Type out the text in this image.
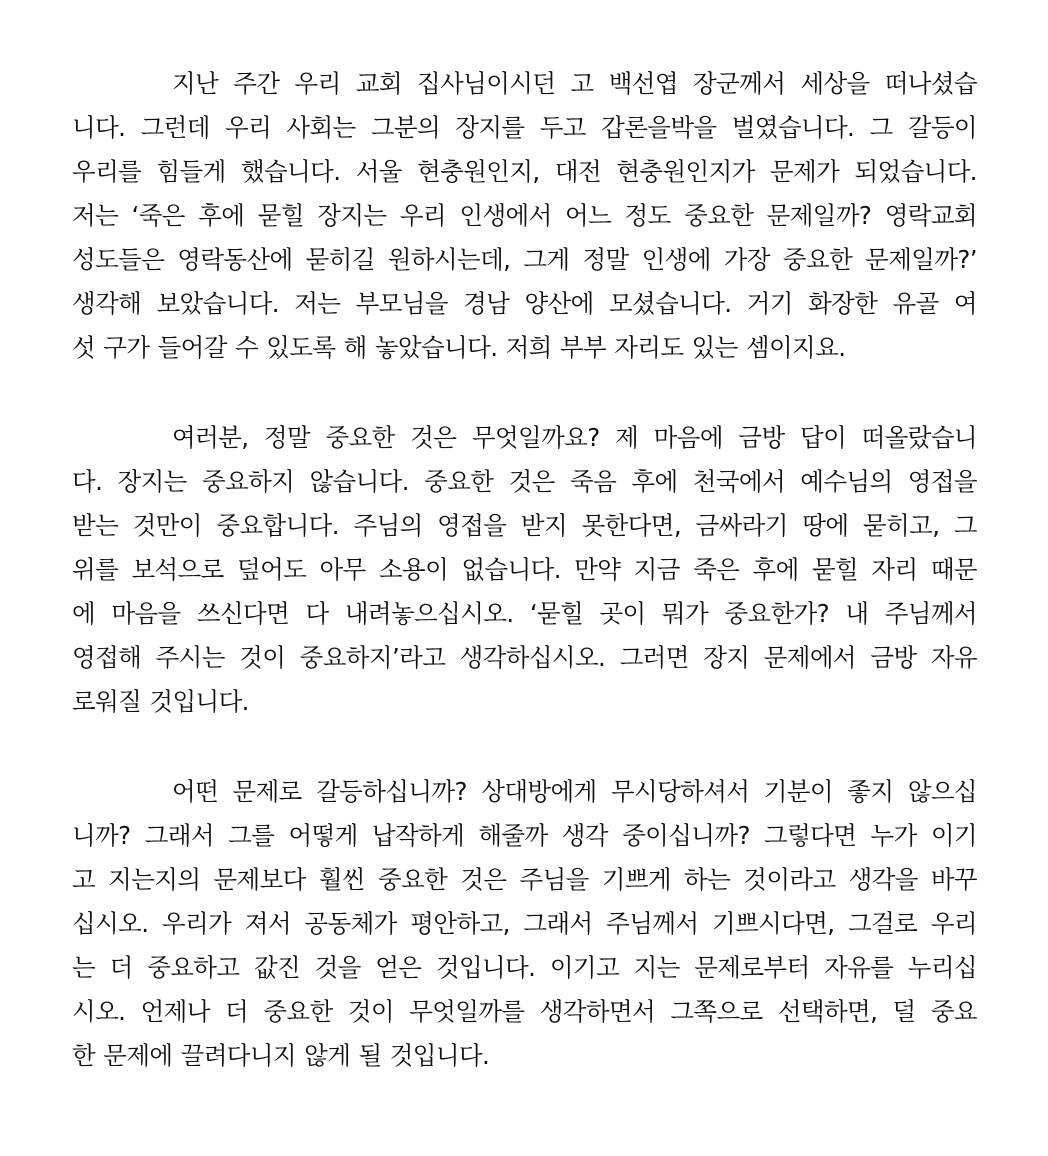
지난 주간 우리 교회 집사님이시던 고 백선엽 장군께서 세상을 떠나셨습
니다. 그런데 우리 사회는 그분의 장지를 두고 갑론을박을 벌였습니다. 그 갈등이
우리를 힘들게 했습니다. 서울 현충원인지, 대전 현충원인지가 문제가 되었습니다.
저는 ‘죽은 후에 묻힐 장지는 우리 인생에서 어느 정도 중요한 문제일까? 영락교회
성도들은 영락동산에 묻히길 원하시는데, 그게 정말 인생에 가장 중요한 문제일까?’
생각해 보았습니다. 저는 부모님을 경남 양산에 모셨습니다. 거기 화장한 유골 여
섯 구가 들어갈 수 있도록 해 놓았습니다. 저희 부부 자리도 있는 셈이지요.
여러분, 정말 중요한 것은 무엇일까요? 제 마음에 금방 답이 떠올랐습니
다. 장지는 중요하지 않습니다. 중요한 것은 죽음 후에 천국에서 예수님의 영접을
받는 것만이 중요합니다. 주님의 영접을 받지 못한다면, 금싸라기 땅에 묻히고, 그
위를 보석으로 덮어도 아무 소용이 없습니다. 만약 지금 죽은 후에 묻힐 자리 때문
에 마음을 쓰신다면 다 내려놓으십시오. ‘묻힐 곳이 뭐가 중요한가? 내 주님께서
영접해 주시는 것이 중요하지’라고 생각하십시오. 그러면 장지 문제에서 금방 자유
로워질 것입니다.
어떤 문제로 갈등하십니까? 상대방에게 무시당하셔서 기분이 좋지 않으십
니까? 그래서 그를 어떻게 납작하게 해줄까 생각 중이십니까? 그렇다면 누가 이기
고 지는지의 문제보다 훨씬 중요한 것은 주님을 기쁘게 하는 것이라고 생각을 바꾸
십시오. 우리가 져서 공동체가 평안하고, 그래서 주님께서 기쁘시다면, 그걸로 우리
는 더 중요하고 값진 것을 얻은 것입니다. 이기고 지는 문제로부터 자유를 누리십
시오. 언제나 더 중요한 것이 무엇일까를 생각하면서 그쪽으로 선택하면, 덜 중요
한 문제에 끌려다니지 않게 될 것입니다.
